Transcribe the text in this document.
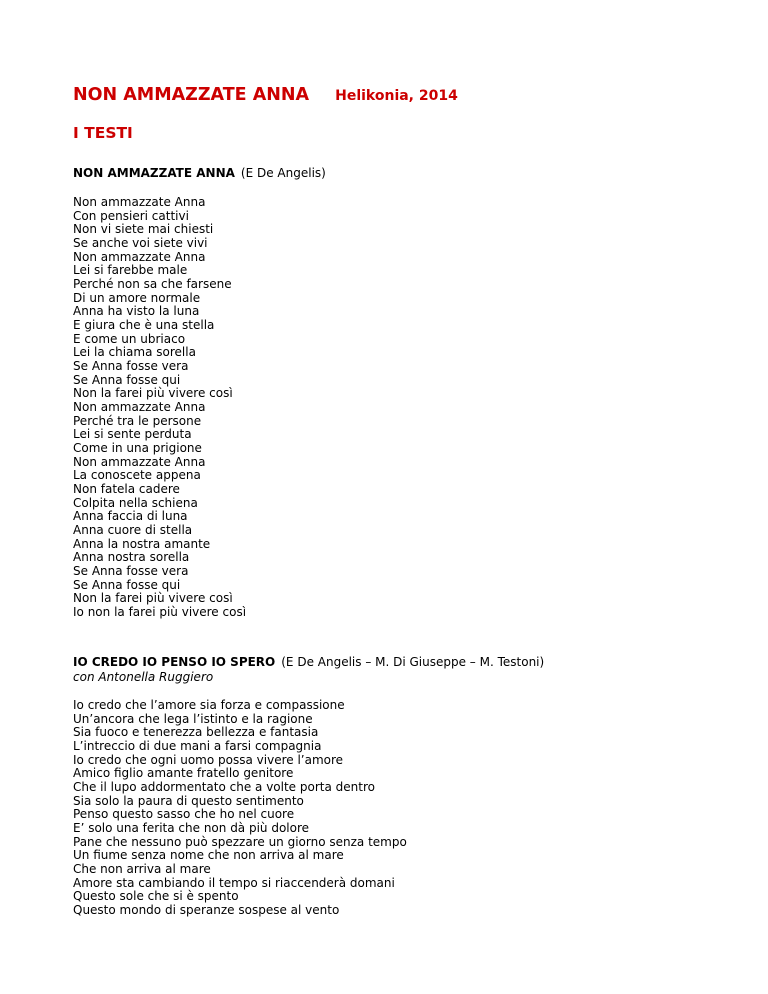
NON AMMAZZATE ANNA Helikonia, 2014
I TESTI
NON AMMAZZATE ANNA (E De Angelis)
Non ammazzate Anna
Con pensieri cattivi
Non vi siete mai chiesti
Se anche voi siete vivi
Non ammazzate Anna
Lei si farebbe male
Perché non sa che farsene
Di un amore normale
Anna ha visto la luna
E giura che è una stella
E come un ubriaco
Lei la chiama sorella
Se Anna fosse vera
Se Anna fosse qui
Non la farei più vivere così
Non ammazzate Anna
Perché tra le persone
Lei si sente perduta
Come in una prigione
Non ammazzate Anna
La conoscete appena
Non fatela cadere
Colpita nella schiena
Anna faccia di luna
Anna cuore di stella
Anna la nostra amante
Anna nostra sorella
Se Anna fosse vera
Se Anna fosse qui
Non la farei più vivere così
Io non la farei più vivere così
IO CREDO IO PENSO IO SPERO (E De Angelis – M. Di Giuseppe – M. Testoni)
con Antonella Ruggiero
Io credo che l’amore sia forza e compassione
Un’ancora che lega l’istinto e la ragione
Sia fuoco e tenerezza bellezza e fantasia
L’intreccio di due mani a farsi compagnia
Io credo che ogni uomo possa vivere l’amore
Amico figlio amante fratello genitore
Che il lupo addormentato che a volte porta dentro
Sia solo la paura di questo sentimento
Penso questo sasso che ho nel cuore
E’ solo una ferita che non dà più dolore
Pane che nessuno può spezzare un giorno senza tempo
Un fiume senza nome che non arriva al mare
Che non arriva al mare
Amore sta cambiando il tempo si riaccenderà domani
Questo sole che si è spento
Questo mondo di speranze sospese al vento
